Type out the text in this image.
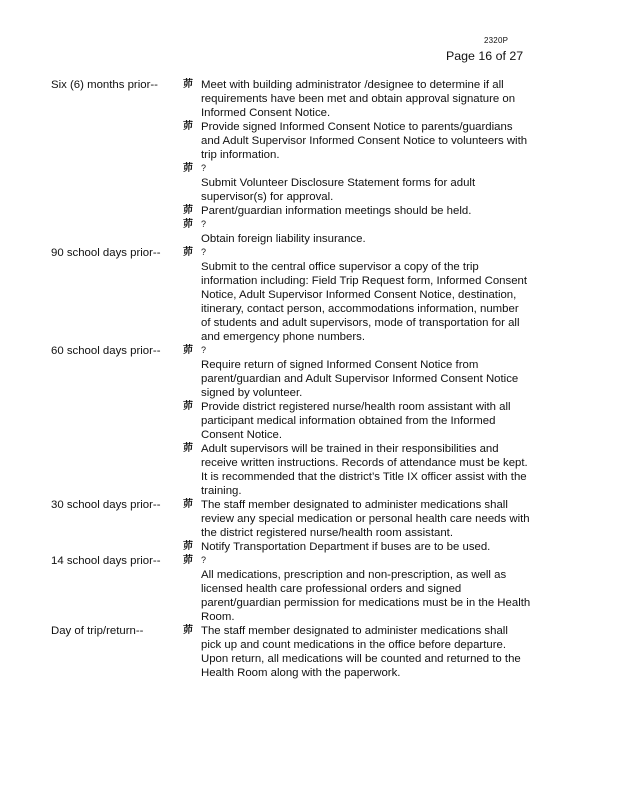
2320P
Page 16 of 27
Six (6) months prior--	茆 Meet with building administrator /designee to determine if all requirements have been met and obtain approval signature on Informed Consent Notice.
茆 Provide signed Informed Consent Notice to parents/guardians and Adult Supervisor Informed Consent Notice to volunteers with trip information.
茆 ?
Submit Volunteer Disclosure Statement forms for adult supervisor(s) for approval.
茆 Parent/guardian information meetings should be held.
茆 ?
Obtain foreign liability insurance.
90 school days prior--	茆 ?
Submit to the central office supervisor a copy of the trip information including: Field Trip Request form, Informed Consent Notice, Adult Supervisor Informed Consent Notice, destination, itinerary, contact person, accommodations information, number of students and adult supervisors, mode of transportation for all and emergency phone numbers.
60 school days prior--	茆 ?
Require return of signed Informed Consent Notice from parent/guardian and Adult Supervisor Informed Consent Notice signed by volunteer.
茆 Provide district registered nurse/health room assistant with all participant medical information obtained from the Informed Consent Notice.
茆 Adult supervisors will be trained in their responsibilities and receive written instructions. Records of attendance must be kept. It is recommended that the district’s Title IX officer assist with the training.
30 school days prior--	茆 The staff member designated to administer medications shall review any special medication or personal health care needs with the district registered nurse/health room assistant.
茆 Notify Transportation Department if buses are to be used.
14 school days prior--	茆 ?
All medications, prescription and non-prescription, as well as licensed health care professional orders and signed parent/guardian permission for medications must be in the Health Room.
Day of trip/return--	茆 The staff member designated to administer medications shall pick up and count medications in the office before departure. Upon return, all medications will be counted and returned to the Health Room along with the paperwork.
